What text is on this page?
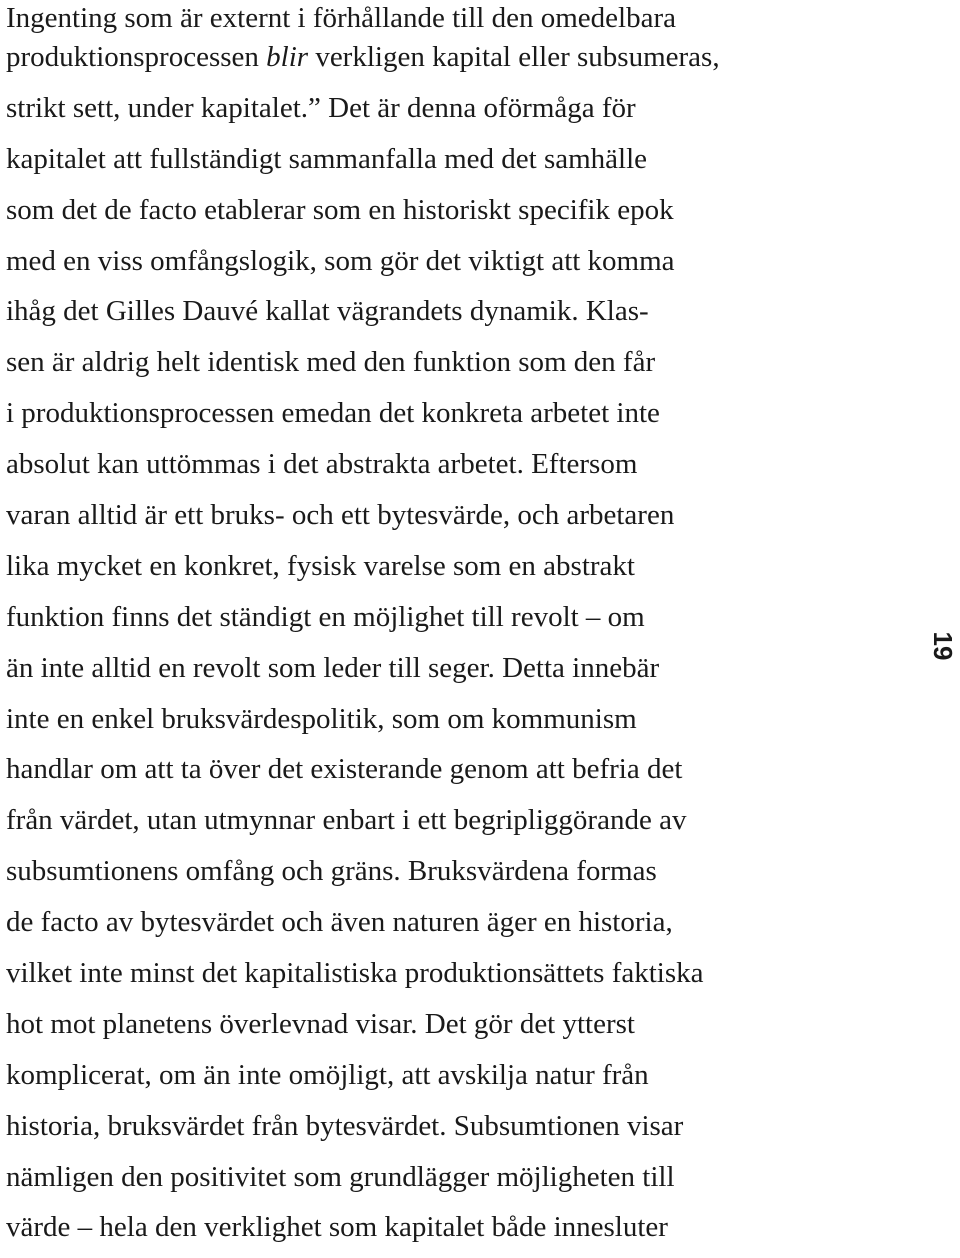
Ingenting som är externt i förhållande till den omedelbara
produktionsprocessen blir verkligen kapital eller subsumeras,
strikt sett, under kapitalet.” Det är denna oförmåga för
kapitalet att fullständigt sammanfalla med det samhälle
som det de facto etablerar som en historiskt specifik epok
med en viss omfångslogik, som gör det viktigt att komma
ihåg det Gilles Dauvé kallat vägrandets dynamik. Klas-
sen är aldrig helt identisk med den funktion som den får
i produktionsprocessen emedan det konkreta arbetet inte
absolut kan uttömmas i det abstrakta arbetet. Eftersom
varan alltid är ett bruks- och ett bytesvärde, och arbetaren
lika mycket en konkret, fysisk varelse som en abstrakt
funktion finns det ständigt en möjlighet till revolt – om
än inte alltid en revolt som leder till seger. Detta innebär
inte en enkel bruksvärdespolitik, som om kommunism
handlar om att ta över det existerande genom att befria det
från värdet, utan utmynnar enbart i ett begripliggörande av
subsumtionens omfång och gräns. Bruksvärdena formas
de facto av bytesvärdet och även naturen äger en historia,
vilket inte minst det kapitalistiska produktionsättets faktiska
hot mot planetens överlevnad visar. Det gör det ytterst
komplicerat, om än inte omöjligt, att avskilja natur från
historia, bruksvärdet från bytesvärdet. Subsumtionen visar
nämligen den positivitet som grundlägger möjligheten till
värde – hela den verklighet som kapitalet både innesluter
19
